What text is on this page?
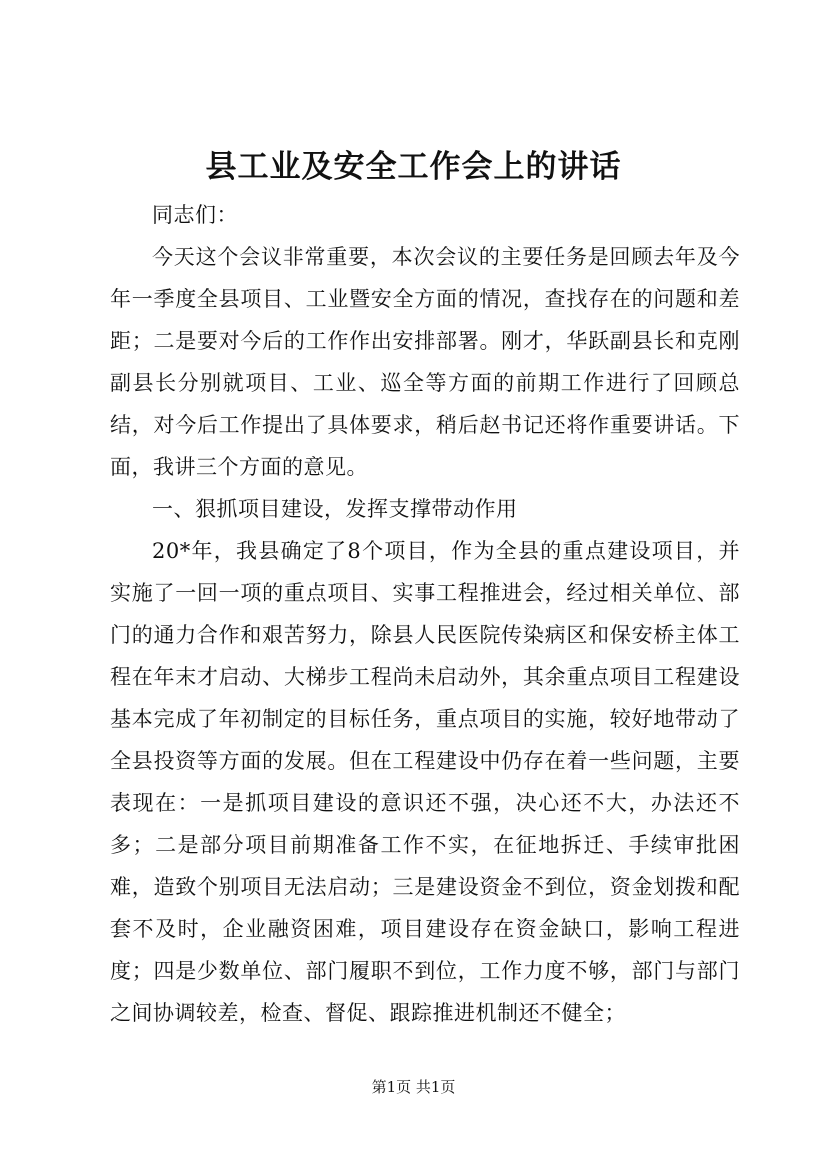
县工业及安全工作会上的讲话

同志们：

今天这个会议非常重要，本次会议的主要任务是回顾去年及今年一季度全县项目、工业暨安全方面的情况，查找存在的问题和差距；二是要对今后的工作作出安排部署。刚才，华跃副县长和克刚副县长分别就项目、工业、巡全等方面的前期工作进行了回顾总结，对今后工作提出了具体要求，稍后赵书记还将作重要讲话。下面，我讲三个方面的意见。

一、狠抓项目建设，发挥支撑带动作用

20*年，我县确定了8个项目，作为全县的重点建设项目，并实施了一回一项的重点项目、实事工程推进会，经过相关单位、部门的通力合作和艰苦努力，除县人民医院传染病区和保安桥主体工程在年末才启动、大梯步工程尚未启动外，其余重点项目工程建设基本完成了年初制定的目标任务，重点项目的实施，较好地带动了全县投资等方面的发展。但在工程建设中仍存在着一些问题，主要表现在：一是抓项目建设的意识还不强，决心还不大，办法还不多；二是部分项目前期准备工作不实，在征地拆迁、手续审批困难，造致个别项目无法启动；三是建设资金不到位，资金划拨和配套不及时，企业融资困难，项目建设存在资金缺口，影响工程进度；四是少数单位、部门履职不到位，工作力度不够，部门与部门之间协调较差，检查、督促、跟踪推进机制还不健全；

第1页 共1页
